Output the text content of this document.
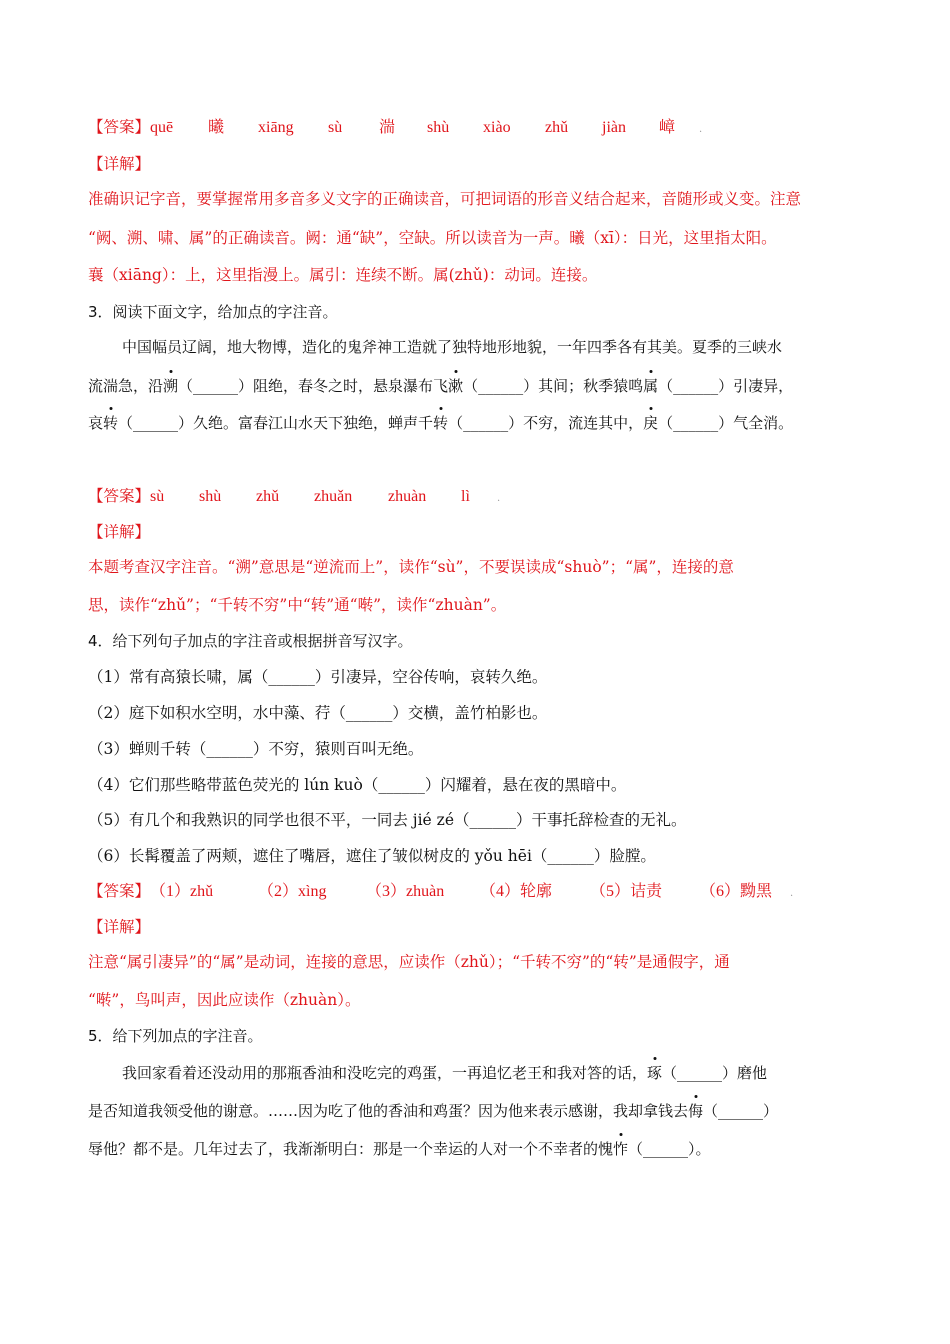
【答案】quē 曦 xiāng sù 湍 shù xiào zhǔ jiàn 嶂 .
【详解】
准确识记字音，要掌握常用多音多义文字的正确读音，可把词语的形音义结合起来，音随形或义变。注意
“阙、溯、啸、属”的正确读音。阙：通“缺”，空缺。所以读音为一声。曦（xī）：日光，这里指太阳。
襄（xiāng）：上，这里指漫上。属引：连续不断。属(zhǔ)：动词。连接。
3．阅读下面文字，给加点的字注音。
中国幅员辽阔，地大物博，造化的鬼斧神工造就了独特地形地貌，一年四季各有其美。夏季的三峡水
流湍急，沿溯（______）阻绝，春冬之时，悬泉瀑布飞漱（______）其间；秋季猿鸣属（______）引凄异，
哀转（______）久绝。富春江山水天下独绝，蝉声千转（______）不穷，流连其中，戾（______）气全消。
【答案】sù shù zhǔ zhuǎn zhuàn lì	.
【详解】
本题考查汉字注音。“溯”意思是“逆流而上”，读作“sù”，不要误读成“shuò”；“属”，连接的意
思，读作“zhǔ”；“千转不穷”中“转”通“啭”，读作“zhuàn”。
4．给下列句子加点的字注音或根据拼音写汉字。
（1）常有高猿长啸，属（______）引凄异，空谷传响，哀转久绝。
（2）庭下如积水空明，水中藻、荇（______）交横，盖竹柏影也。
（3）蝉则千转（______）不穷，猿则百叫无绝。
（4）它们那些略带蓝色荧光的 lún kuò（______）闪耀着，悬在夜的黑暗中。
（5）有几个和我熟识的同学也很不平，一同去 jié zé（______）干事托辞检查的无礼。
（6）长髯覆盖了两颊，遮住了嘴唇，遮住了皱似树皮的 yǒu hēi（______）脸膛。
【答案】（1）zhǔ	（2）xìng （3）zhuàn （4）轮廓 （5）诘责 （6）黝黑 .
【详解】
注意“属引凄异”的“属”是动词，连接的意思，应读作（zhǔ）；“千转不穷”的“转”是通假字，通
“啭”，鸟叫声，因此应读作（zhuàn）。
5．给下列加点的字注音。
我回家看着还没动用的那瓶香油和没吃完的鸡蛋，一再追忆老王和我对答的话，琢（______）磨他
是否知道我领受他的谢意。……因为吃了他的香油和鸡蛋？因为他来表示感谢，我却拿钱去侮（______）
辱他？都不是。几年过去了，我渐渐明白：那是一个幸运的人对一个不幸者的愧怍（______）。
